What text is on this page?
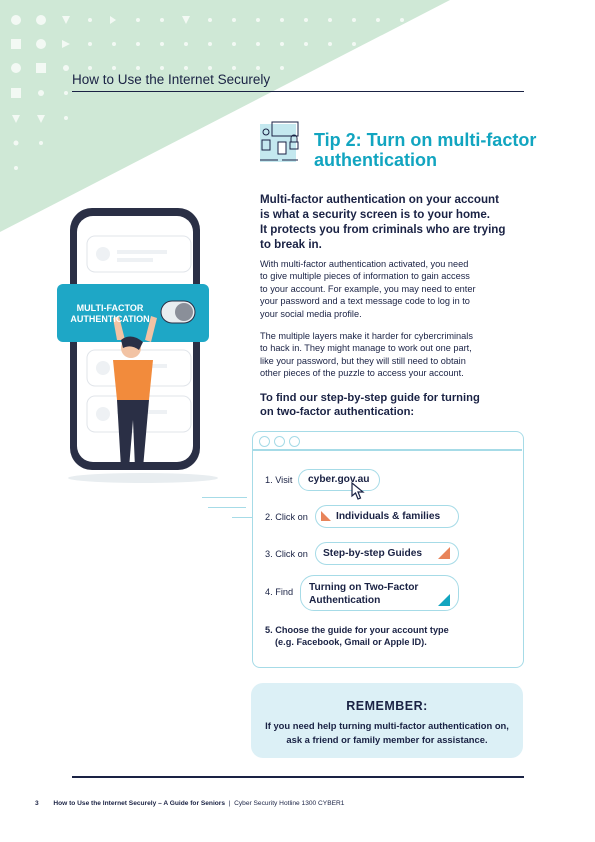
How to Use the Internet Securely
Tip 2: Turn on multi-factor
authentication
Multi-factor authentication on your account
is what a security screen is to your home.
It protects you from criminals who are trying
to break in.
With multi-factor authentication activated, you need
to give multiple pieces of information to gain access
to your account. For example, you may need to enter
your password and a text message code to log in to
your social media profile.
The multiple layers make it harder for cybercriminals
to hack in. They might manage to work out one part,
like your password, but they will still need to obtain
other pieces of the puzzle to access your account.
To find our step-by-step guide for turning
on two-factor authentication:
MULTI-FACTOR
AUTHENTICATION
1. Visit	cyber.gov.au
2. Click on	Individuals & families
3. Click on	Step-by-step Guides
4. Find Turning on Two-Factor
Authentication
5. Choose the guide for your account type
(e.g. Facebook, Gmail or Apple ID).
REMEMBER:
If you need help turning multi-factor authentication on,
ask a friend or family member for assistance.
3 How to Use the Internet Securely – A Guide for Seniors | Cyber Security Hotline 1300 CYBER1
